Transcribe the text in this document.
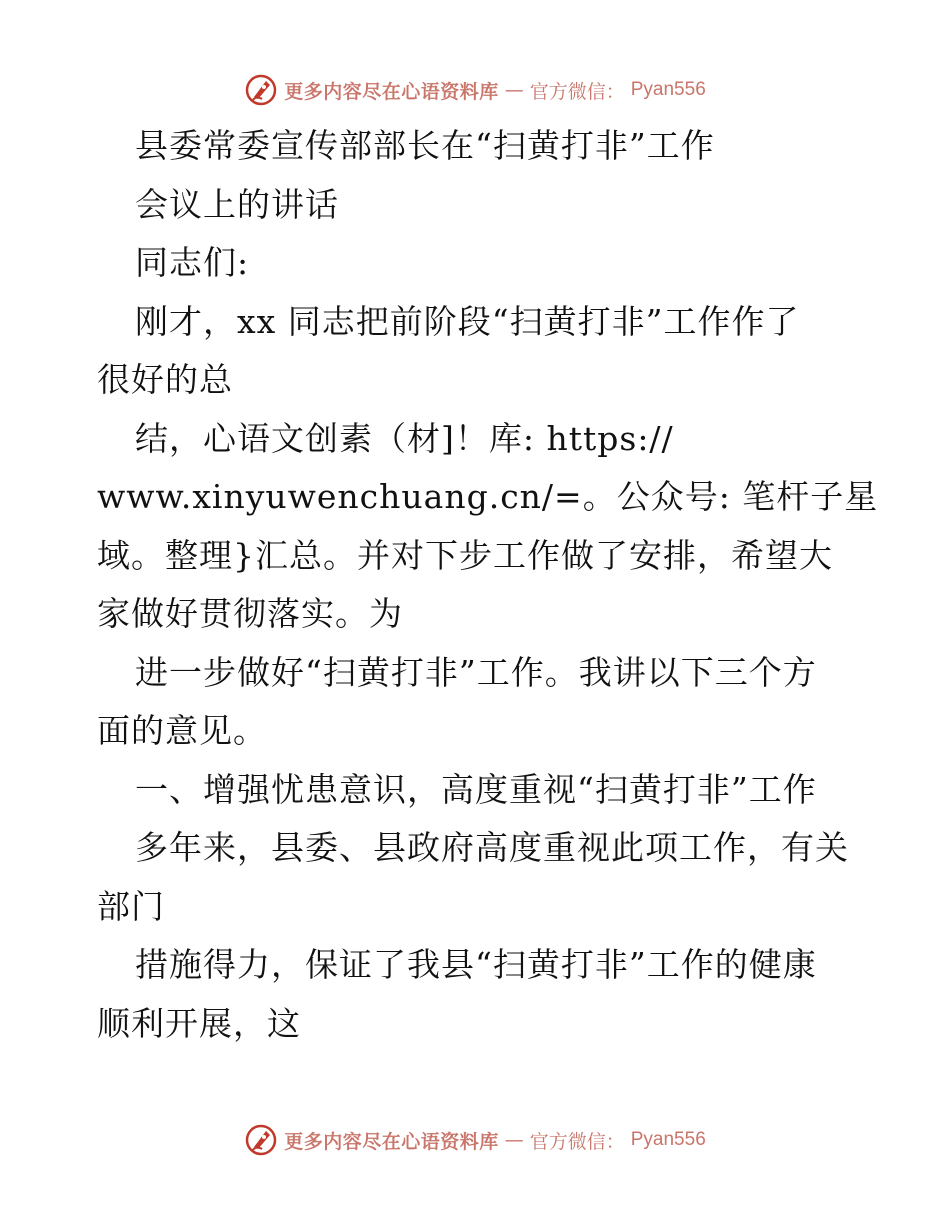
更多内容尽在心语资料库 — 官方微信： Pyan556
县委常委宣传部部长在“扫黄打非”工作
会议上的讲话
同志们:
刚才，xx 同志把前阶段“扫黄打非”工作作了
很好的总
结，心语文创素（材]！库: https://
www.xinyuwenchuang.cn/=。公众号: 笔杆子星
域。整理}汇总。并对下步工作做了安排，希望大
家做好贯彻落实。为
进一步做好“扫黄打非”工作。我讲以下三个方
面的意见。
一、增强忧患意识，高度重视“扫黄打非”工作
多年来，县委、县政府高度重视此项工作，有关
部门
措施得力，保证了我县“扫黄打非”工作的健康
顺利开展，这
更多内容尽在心语资料库 — 官方微信： Pyan556
